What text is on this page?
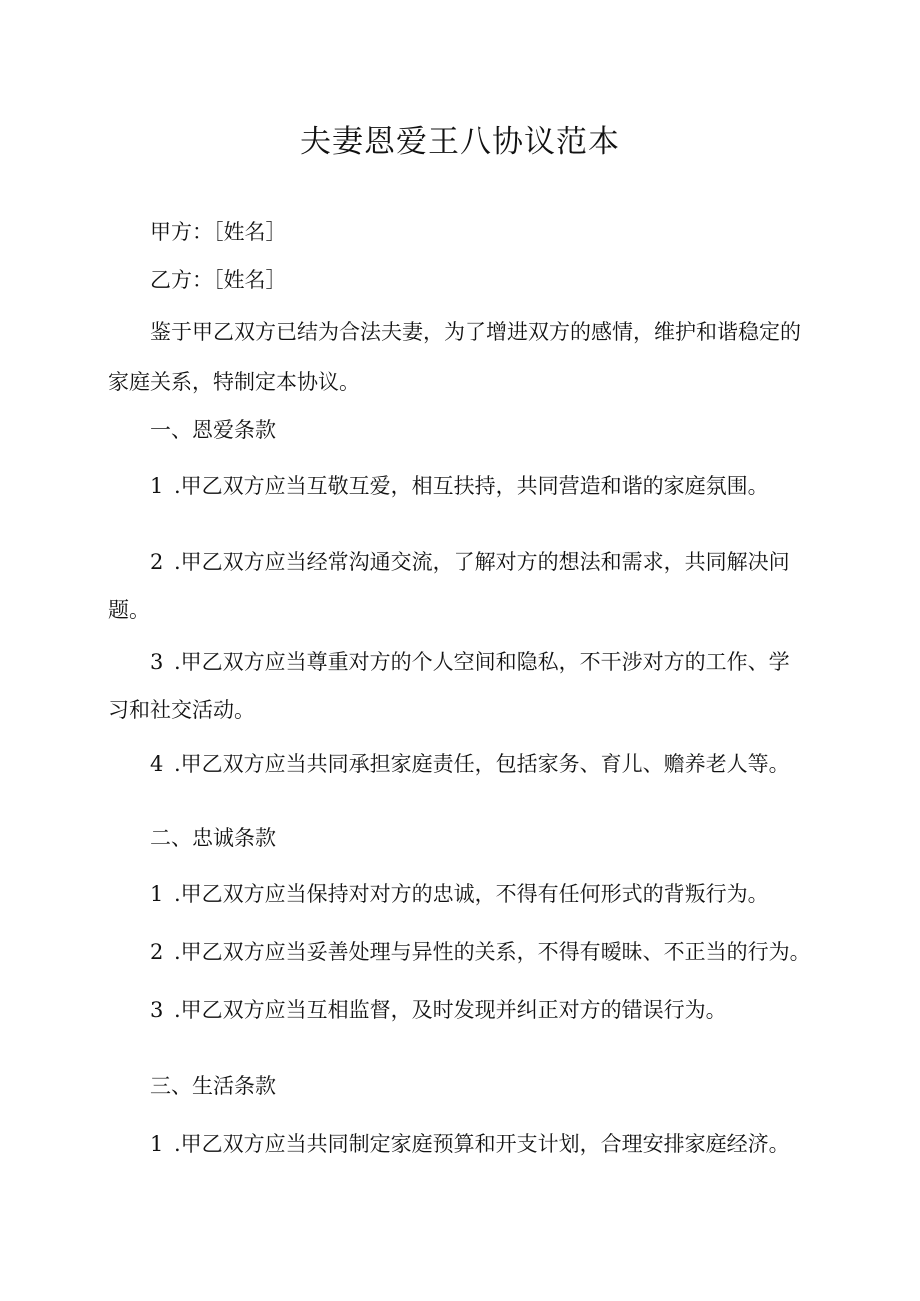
夫妻恩爱王八协议范本

甲方：［姓名］

乙方：［姓名］

鉴于甲乙双方已结为合法夫妻，为了增进双方的感情，维护和谐稳定的

家庭关系，特制定本协议。

一、恩爱条款

1 .甲乙双方应当互敬互爱，相互扶持，共同营造和谐的家庭氛围。

2 .甲乙双方应当经常沟通交流，了解对方的想法和需求，共同解决问

题。

3 .甲乙双方应当尊重对方的个人空间和隐私，不干涉对方的工作、学

习和社交活动。

4 .甲乙双方应当共同承担家庭责任，包括家务、育儿、赡养老人等。

二、忠诚条款

1 .甲乙双方应当保持对对方的忠诚，不得有任何形式的背叛行为。

2 .甲乙双方应当妥善处理与异性的关系，不得有暧昧、不正当的行为。

3 .甲乙双方应当互相监督，及时发现并纠正对方的错误行为。

三、生活条款

1 .甲乙双方应当共同制定家庭预算和开支计划，合理安排家庭经济。
